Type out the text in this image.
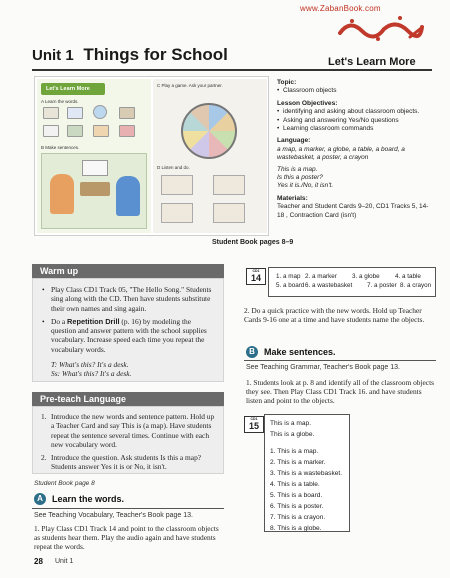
www.ZabanBook.com
Unit 1 Things for School	Let's Learn More
Let's Learn More
A Learn the words.
B Make sentences.
C Play a game. Ask your partner.
D Listen and do.
Student Book pages 8–9
Topic:
• Classroom objects
Lesson Objectives:
• identifying and asking about classroom objects.
• Asking and answering Yes/No questions
• Learning classroom commands
Language:
a map, a marker, a globe, a table, a board, a wastebasket, a poster, a crayon
This is a map.
Is this a poster?
Yes it is./No, it isn't.
Materials:
Teacher and Student Cards 9–20, CD1 Tracks 5, 14-18 , Contraction Card (isn't)
Warm up
• Play Class CD1 Track 05, "The Hello Song." Students sing along with the CD. Then have students substitute their own names and sing again.
• Do a Repetition Drill (p. 16) by modeling the question and answer pattern with the school supplies vocabulary. Increase speed each time you repeat the vocabulary words.
T: What's this? It's a desk.
Ss: What's this? It's a desk.
Pre-teach Language
1. Introduce the new words and sentence pattern. Hold up a Teacher Card and say This is (a map). Have students repeat the sentence several times. Continue with each new vocabulary word.
2. Introduce the question. Ask students Is this a map? Students answer Yes it is or No, it isn't.
Student Book page 8
A	Learn the words.
See Teaching Vocabulary, Teacher's Book page 13.
1. Play Class CD1 Track 14 and point to the classroom objects as students hear them. Play the audio again and have students repeat the words.
CD1
14	1. a map 2. a marker 3. a globe 4. a table 5. a board6. a wastebasket 7. a poster 8. a crayon
2. Do a quick practice with the new words. Hold up Teacher Cards 9-16 one at a time and have students name the objects.
B	Make sentences.
See Teaching Grammar, Teacher's Book page 13.
1. Students look at p. 8 and identify all of the classroom objects they see. Then Play Class CD1 Track 16. and have students listen and point to the objects.
CD1
15	This is a map.
This is a globe.
1. This is a map.
2. This is a marker.
3. This is a wastebasket.
4. This is a table.
5. This is a board.
6. This is a poster.
7. This is a crayon.
8. This is a globe.
28 Unit 1
